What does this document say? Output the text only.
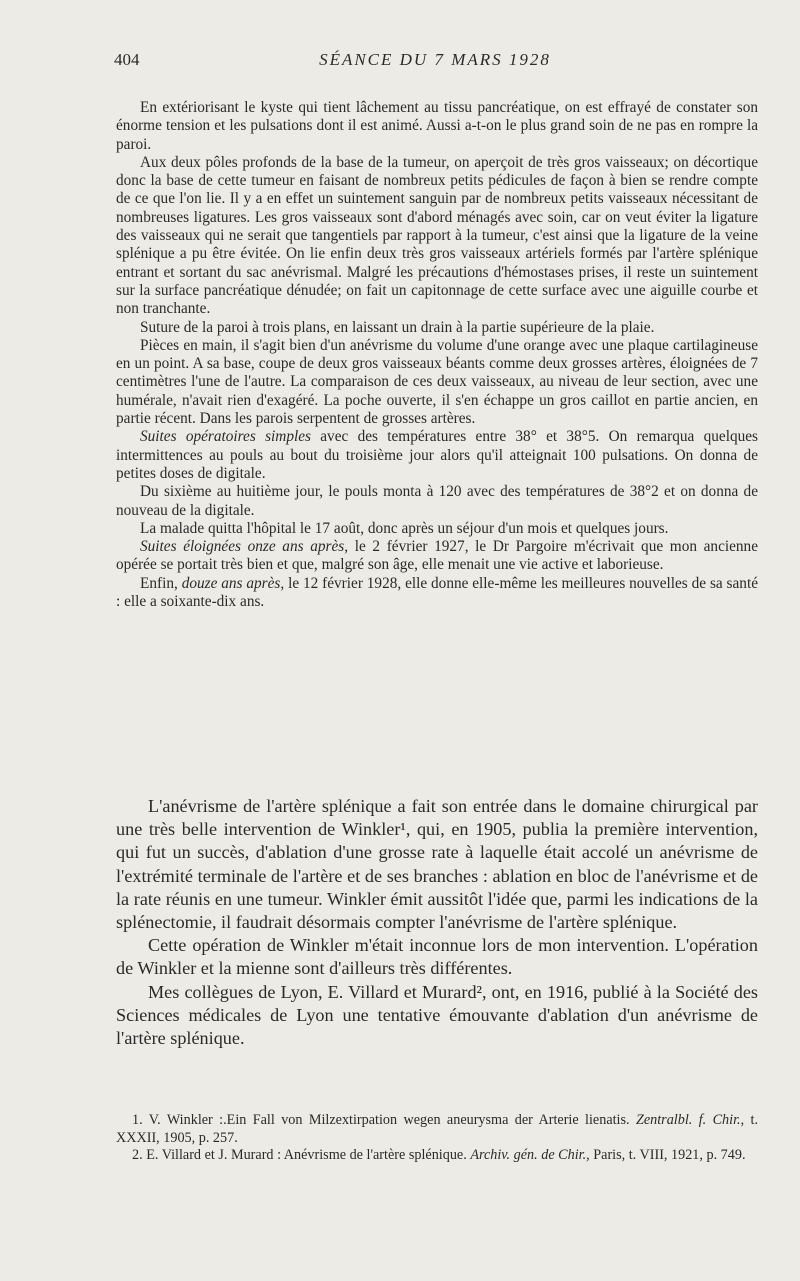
404	SÉANCE DU 7 MARS 1928

En extériorisant le kyste qui tient lâchement au tissu pancréatique, on est effrayé de constater son énorme tension et les pulsations dont il est animé. Aussi a-t-on le plus grand soin de ne pas en rompre la paroi.

Aux deux pôles profonds de la base de la tumeur, on aperçoit de très gros vaisseaux; on décortique donc la base de cette tumeur en faisant de nombreux petits pédicules de façon à bien se rendre compte de ce que l'on lie. Il y a en effet un suintement sanguin par de nombreux petits vaisseaux nécessitant de nombreuses ligatures. Les gros vaisseaux sont d'abord ménagés avec soin, car on veut éviter la ligature des vaisseaux qui ne serait que tangentiels par rapport à la tumeur, c'est ainsi que la ligature de la veine splénique a pu être évitée. On lie enfin deux très gros vaisseaux artériels formés par l'artère splénique entrant et sortant du sac anévrismal. Malgré les précautions d'hémostases prises, il reste un suintement sur la surface pancréatique dénudée; on fait un capitonnage de cette surface avec une aiguille courbe et non tranchante.

Suture de la paroi à trois plans, en laissant un drain à la partie supérieure de la plaie.

Pièces en main, il s'agit bien d'un anévrisme du volume d'une orange avec une plaque cartilagineuse en un point. A sa base, coupe de deux gros vaisseaux béants comme deux grosses artères, éloignées de 7 centimètres l'une de l'autre. La comparaison de ces deux vaisseaux, au niveau de leur section, avec une humérale, n'avait rien d'exagéré. La poche ouverte, il s'en échappe un gros caillot en partie ancien, en partie récent. Dans les parois serpentent de grosses artères.

Suites opératoires simples avec des températures entre 38° et 38°5. On remarqua quelques intermittences au pouls au bout du troisième jour alors qu'il atteignait 100 pulsations. On donna de petites doses de digitale.

Du sixième au huitième jour, le pouls monta à 120 avec des températures de 38°2 et on donna de nouveau de la digitale.

La malade quitta l'hôpital le 17 août, donc après un séjour d'un mois et quelques jours.

Suites éloignées onze ans après, le 2 février 1927, le Dr Pargoire m'écrivait que mon ancienne opérée se portait très bien et que, malgré son âge, elle menait une vie active et laborieuse.

Enfin, douze ans après, le 12 février 1928, elle donne elle-même les meilleures nouvelles de sa santé : elle a soixante-dix ans.

L'anévrisme de l'artère splénique a fait son entrée dans le domaine chirurgical par une très belle intervention de Winkler¹, qui, en 1905, publia la première intervention, qui fut un succès, d'ablation d'une grosse rate à laquelle était accolé un anévrisme de l'extrémité terminale de l'artère et de ses branches : ablation en bloc de l'anévrisme et de la rate réunis en une tumeur. Winkler émit aussitôt l'idée que, parmi les indications de la splénectomie, il faudrait désormais compter l'anévrisme de l'artère splénique.

Cette opération de Winkler m'était inconnue lors de mon intervention. L'opération de Winkler et la mienne sont d'ailleurs très différentes.

Mes collègues de Lyon, E. Villard et Murard², ont, en 1916, publié à la Société des Sciences médicales de Lyon une tentative émouvante d'ablation d'un anévrisme de l'artère splénique.

1. V. Winkler :.Ein Fall von Milzextirpation wegen aneurysma der Arterie lienatis. Zentralbl. f. Chir., t. XXXII, 1905, p. 257.

2. E. Villard et J. Murard : Anévrisme de l'artère splénique. Archiv. gén. de Chir., Paris, t. VIII, 1921, p. 749.
